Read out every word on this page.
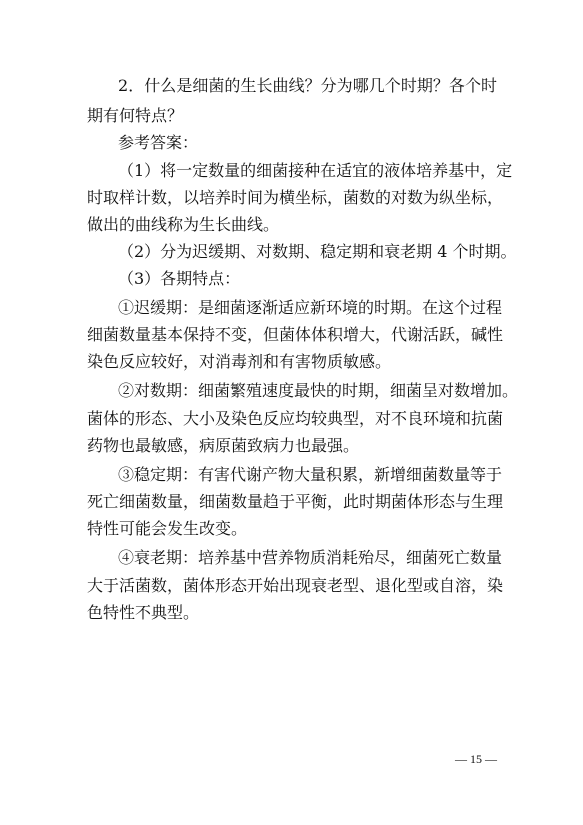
2．什么是细菌的生长曲线？分为哪几个时期？各个时
期有何特点？
参考答案：
（1）将一定数量的细菌接种在适宜的液体培养基中，定
时取样计数，以培养时间为横坐标，菌数的对数为纵坐标，
做出的曲线称为生长曲线。
（2）分为迟缓期、对数期、稳定期和衰老期 4 个时期。
（3）各期特点：
①迟缓期：是细菌逐渐适应新环境的时期。在这个过程
细菌数量基本保持不变，但菌体体积增大，代谢活跃，碱性
染色反应较好，对消毒剂和有害物质敏感。
②对数期：细菌繁殖速度最快的时期，细菌呈对数增加。
菌体的形态、大小及染色反应均较典型，对不良环境和抗菌
药物也最敏感，病原菌致病力也最强。
③稳定期：有害代谢产物大量积累，新增细菌数量等于
死亡细菌数量，细菌数量趋于平衡，此时期菌体形态与生理
特性可能会发生改变。
④衰老期：培养基中营养物质消耗殆尽，细菌死亡数量
大于活菌数，菌体形态开始出现衰老型、退化型或自溶，染
色特性不典型。
— 15 —
